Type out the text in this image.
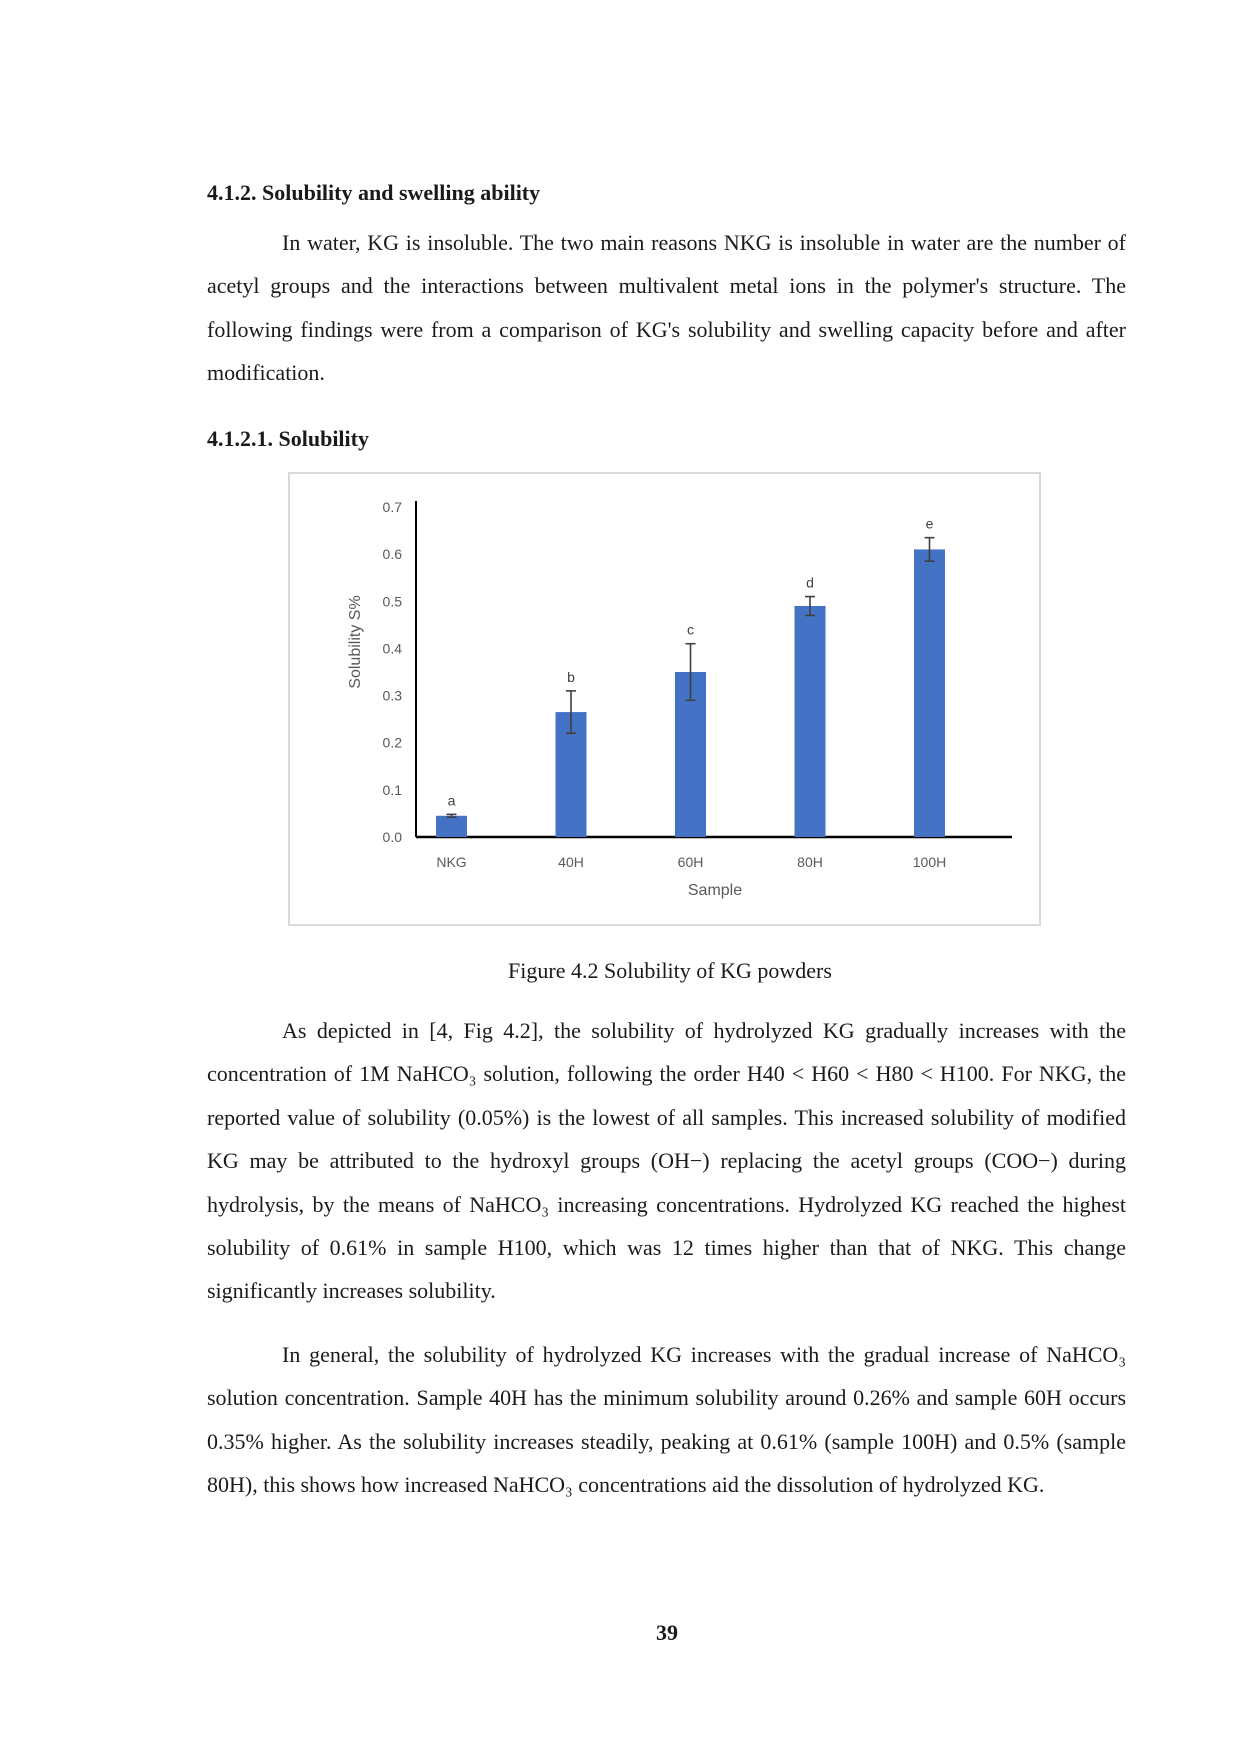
4.1.2. Solubility and swelling ability

In water, KG is insoluble. The two main reasons NKG is insoluble in water are the number of acetyl groups and the interactions between multivalent metal ions in the polymer's structure. The following findings were from a comparison of KG's solubility and swelling capacity before and after modification.

4.1.2.1. Solubility
0.0
0.1
0.2
0.3
0.4
0.5
0.6
0.7
Solubility S%
a
NKG
b
40H
c
60H
d
80H
e
100H
Sample

Figure 4.2 Solubility of KG powders

As depicted in [4, Fig 4.2], the solubility of hydrolyzed KG gradually increases with the concentration of 1M NaHCO₃ solution, following the order H40 < H60 < H80 < H100. For NKG, the reported value of solubility (0.05%) is the lowest of all samples. This increased solubility of modified KG may be attributed to the hydroxyl groups (OH−) replacing the acetyl groups (COO−) during hydrolysis, by the means of NaHCO₃ increasing concentrations. Hydrolyzed KG reached the highest solubility of 0.61% in sample H100, which was 12 times higher than that of NKG. This change significantly increases solubility.

In general, the solubility of hydrolyzed KG increases with the gradual increase of NaHCO₃ solution concentration. Sample 40H has the minimum solubility around 0.26% and sample 60H occurs 0.35% higher. As the solubility increases steadily, peaking at 0.61% (sample 100H) and 0.5% (sample 80H), this shows how increased NaHCO₃ concentrations aid the dissolution of hydrolyzed KG.

39
